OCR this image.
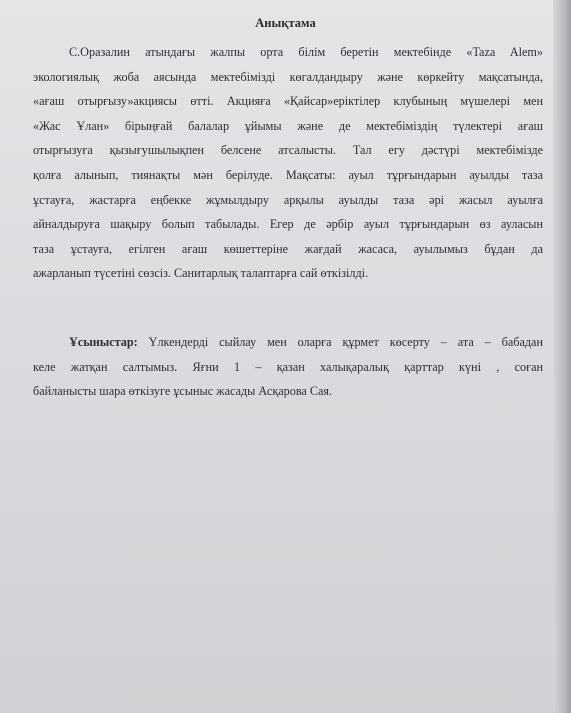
Анықтама
С.Оразалин атындағы жалпы орта білім беретін мектебінде «Taza Alem»
экологиялық жоба аясында мектебімізді көгалдандыру және көркейту мақсатында,
«ағаш отырғызу»акциясы өтті. Акцияға «Қайсар»еріктілер клубының мүшелері мен
«Жас Ұлан» бірыңғай балалар ұйымы және де мектебіміздің түлектері ағаш
отырғызуға қызығушылықпен белсене атсалысты. Тал егу дәстүрі мектебімізде
қолға алынып, тиянақты мән берілуде. Мақсаты: ауыл тұрғындарын ауылды таза
ұстауға, жастарға еңбекке жұмылдыру арқылы ауылды таза әрі жасыл ауылға
айналдыруға шақыру болып табылады. Егер де әрбір ауыл тұрғындарын өз ауласын
таза ұстауға, егілген ағаш көшеттеріне жағдай жасаса, ауылымыз бұдан да
ажарланып түсетіні сөзсіз. Санитарлық талаптарға сай өткізілді.
Ұсыныстар: Үлкендерді сыйлау мен оларға құрмет көсерту – ата – бабадан
келе жатқан салтымыз. Яғни 1 – қазан халықаралық қарттар күні , соған
байланысты шара өткізуге ұсыныс жасады Асқарова Сая.
